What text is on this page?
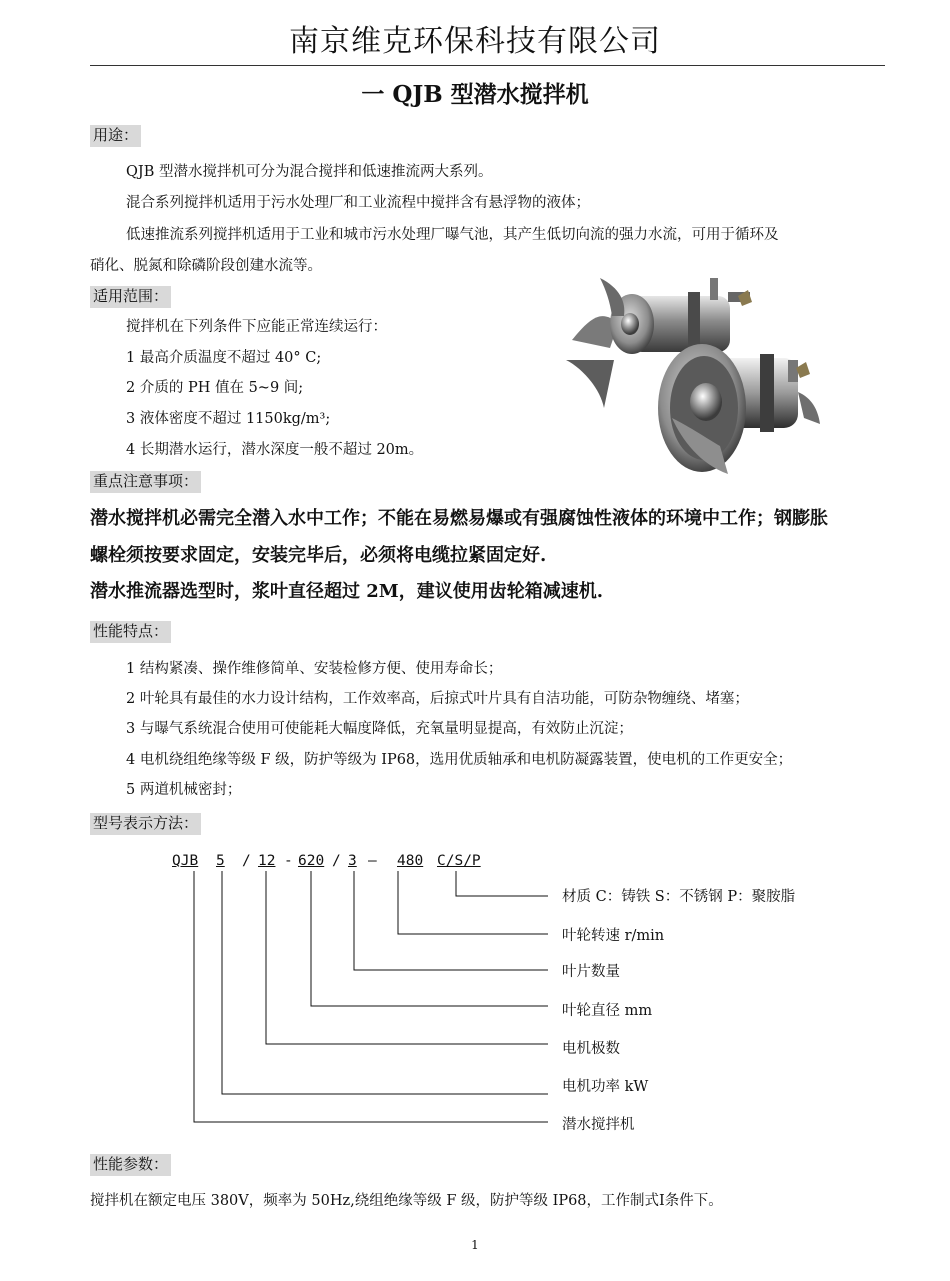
南京维克环保科技有限公司
一 QJB 型潜水搅拌机
用途：
QJB 型潜水搅拌机可分为混合搅拌和低速推流两大系列。
混合系列搅拌机适用于污水处理厂和工业流程中搅拌含有悬浮物的液体；
低速推流系列搅拌机适用于工业和城市污水处理厂曝气池，其产生低切向流的强力水流，可用于循环及
硝化、脱氮和除磷阶段创建水流等。
适用范围：
搅拌机在下列条件下应能正常连续运行：
1 最高介质温度不超过 40° C;
2 介质的 PH 值在 5~9 间;
3 液体密度不超过 1150kg/m³;
4 长期潜水运行，潜水深度一般不超过 20m。
重点注意事项：
潜水搅拌机必需完全潜入水中工作；不能在易燃易爆或有强腐蚀性液体的环境中工作；钢膨胀
螺栓须按要求固定，安装完毕后，必须将电缆拉紧固定好.
潜水推流器选型时，浆叶直径超过 2M，建议使用齿轮箱减速机.
性能特点：
1 结构紧凑、操作维修简单、安装检修方便、使用寿命长；
2 叶轮具有最佳的水力设计结构，工作效率高，后掠式叶片具有自洁功能，可防杂物缠绕、堵塞；
3 与曝气系统混合使用可使能耗大幅度降低，充氧量明显提高，有效防止沉淀；
4 电机绕组绝缘等级 F 级，防护等级为 IP68，选用优质轴承和电机防凝露装置，使电机的工作更安全；
5 两道机械密封；
型号表示方法：
QJB 5 / 12 - 620 / 3 – 480 C/S/P
材质 C：铸铁 S：不锈钢 P：聚胺脂
叶轮转速 r/min
叶片数量
叶轮直径 mm
电机极数
电机功率 kW
潜水搅拌机
性能参数：
搅拌机在额定电压 380V，频率为 50Hz,绕组绝缘等级 F 级，防护等级 IP68，工作制式Ⅰ条件下。
1
